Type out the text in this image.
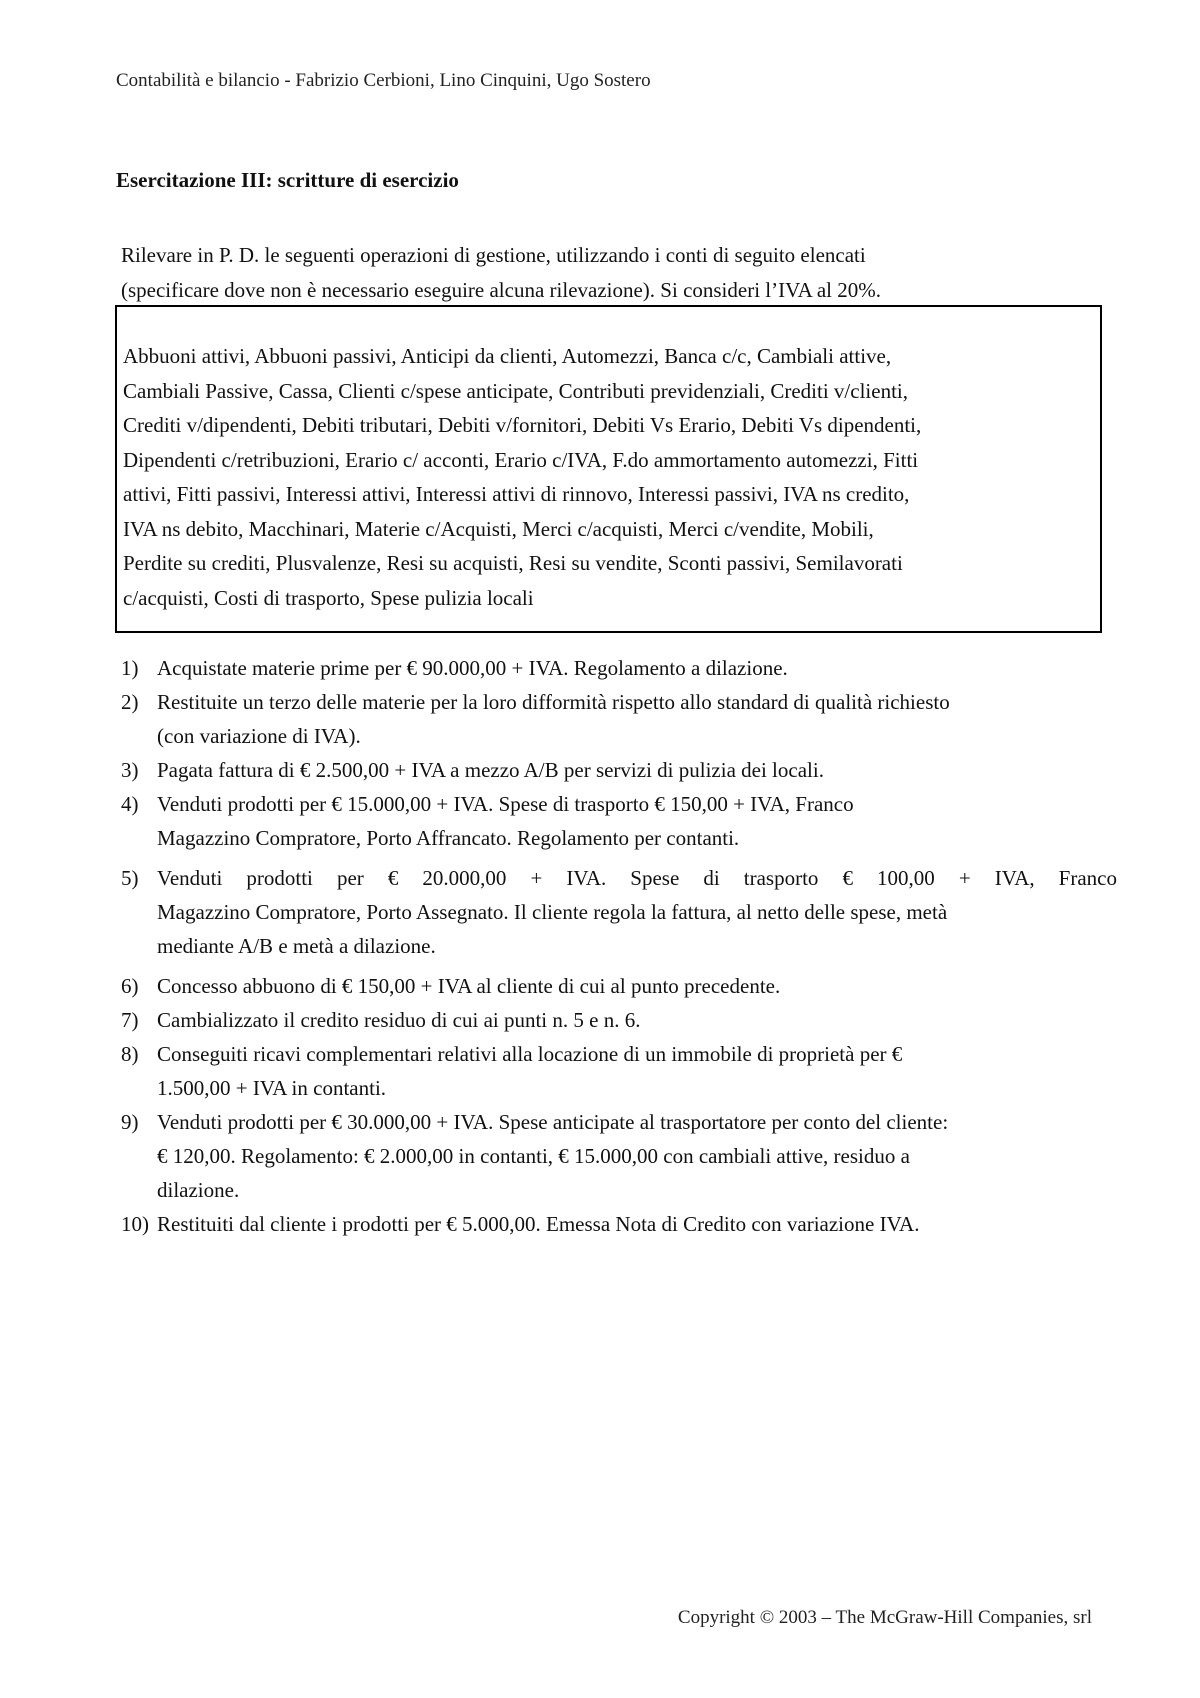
Contabilità e bilancio - Fabrizio Cerbioni, Lino Cinquini, Ugo Sostero
Esercitazione III: scritture di esercizio
Rilevare in P. D. le seguenti operazioni di gestione, utilizzando i conti di seguito elencati
(specificare dove non è necessario eseguire alcuna rilevazione). Si consideri l’IVA al 20%.
Abbuoni attivi, Abbuoni passivi, Anticipi da clienti, Automezzi, Banca c/c, Cambiali attive,
Cambiali Passive, Cassa, Clienti c/spese anticipate, Contributi previdenziali, Crediti v/clienti,
Crediti v/dipendenti, Debiti tributari, Debiti v/fornitori, Debiti Vs Erario, Debiti Vs dipendenti,
Dipendenti c/retribuzioni, Erario c/ acconti, Erario c/IVA, F.do ammortamento automezzi, Fitti
attivi, Fitti passivi, Interessi attivi, Interessi attivi di rinnovo, Interessi passivi, IVA ns credito,
IVA ns debito, Macchinari, Materie c/Acquisti, Merci c/acquisti, Merci c/vendite, Mobili,
Perdite su crediti, Plusvalenze, Resi su acquisti, Resi su vendite, Sconti passivi, Semilavorati
c/acquisti, Costi di trasporto, Spese pulizia locali
1) Acquistate materie prime per € 90.000,00 + IVA. Regolamento a dilazione.
2) Restituite un terzo delle materie per la loro difformità rispetto allo standard di qualità richiesto
(con variazione di IVA).
3) Pagata fattura di € 2.500,00 + IVA a mezzo A/B per servizi di pulizia dei locali.
4) Venduti prodotti per € 15.000,00 + IVA. Spese di trasporto € 150,00 + IVA, Franco
Magazzino Compratore, Porto Affrancato. Regolamento per contanti.
5) Venduti prodotti per € 20.000,00 + IVA. Spese di trasporto € 100,00 + IVA, Franco
Magazzino Compratore, Porto Assegnato. Il cliente regola la fattura, al netto delle spese, metà
mediante A/B e metà a dilazione.
6) Concesso abbuono di € 150,00 + IVA al cliente di cui al punto precedente.
7) Cambializzato il credito residuo di cui ai punti n. 5 e n. 6.
8) Conseguiti ricavi complementari relativi alla locazione di un immobile di proprietà per €
1.500,00 + IVA in contanti.
9) Venduti prodotti per € 30.000,00 + IVA. Spese anticipate al trasportatore per conto del cliente:
€ 120,00. Regolamento: € 2.000,00 in contanti, € 15.000,00 con cambiali attive, residuo a
dilazione.
10) Restituiti dal cliente i prodotti per € 5.000,00. Emessa Nota di Credito con variazione IVA.
Copyright © 2003 – The McGraw-Hill Companies, srl
